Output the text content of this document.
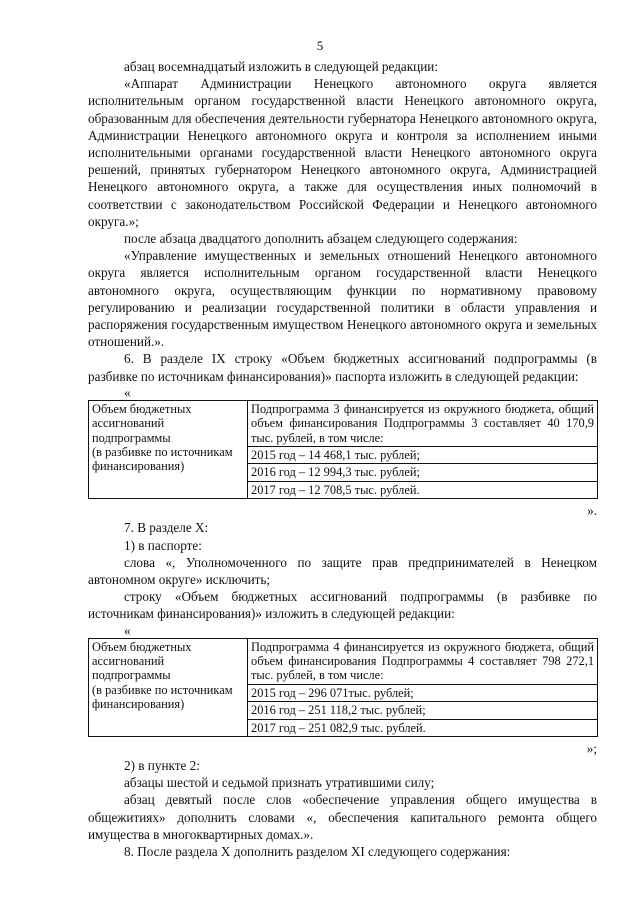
5
абзац восемнадцатый изложить в следующей редакции:
«Аппарат Администрации Ненецкого автономного округа является исполнительным органом государственной власти Ненецкого автономного округа, образованным для обеспечения деятельности губернатора Ненецкого автономного округа, Администрации Ненецкого автономного округа и контроля за исполнением иными исполнительными органами государственной власти Ненецкого автономного округа решений, принятых губернатором Ненецкого автономного округа, Администрацией Ненецкого автономного округа, а также для осуществления иных полномочий в соответствии с законодательством Российской Федерации и Ненецкого автономного округа.»;
после абзаца двадцатого дополнить абзацем следующего содержания:
«Управление имущественных и земельных отношений Ненецкого автономного округа является исполнительным органом государственной власти Ненецкого автономного округа, осуществляющим функции по нормативному правовому регулированию и реализации государственной политики в области управления и распоряжения государственным имуществом Ненецкого автономного округа и земельных отношений.».
6. В разделе IX строку «Объем бюджетных ассигнований подпрограммы (в разбивке по источникам финансирования)» паспорта изложить в следующей редакции:
«
Объем бюджетных
ассигнований
подпрограммы
(в разбивке по источникам
финансирования)

Подпрограмма 3 финансируется из окружного бюджета, общий объем финансирования Подпрограммы 3 составляет 40 170,9 тыс. рублей, в том числе:
2015 год – 14 468,1 тыс. рублей;
2016 год – 12 994,3 тыс. рублей;
2017 год – 12 708,5 тыс. рублей.
».
7. В разделе X:
1) в паспорте:
слова «, Уполномоченного по защите прав предпринимателей в Ненецком автономном округе» исключить;
строку «Объем бюджетных ассигнований подпрограммы (в разбивке по источникам финансирования)» изложить в следующей редакции:
«
Объем бюджетных
ассигнований
подпрограммы
(в разбивке по источникам
финансирования)

Подпрограмма 4 финансируется из окружного бюджета, общий объем финансирования Подпрограммы 4 составляет 798 272,1 тыс. рублей, в том числе:
2015 год – 296 071тыс. рублей;
2016 год – 251 118,2 тыс. рублей;
2017 год – 251 082,9 тыс. рублей.
»;
2) в пункте 2:
абзацы шестой и седьмой признать утратившими силу;
абзац девятый после слов «обеспечение управления общего имущества в общежитиях» дополнить словами «, обеспечения капитального ремонта общего имущества в многоквартирных домах.».
8. После раздела X дополнить разделом XI следующего содержания:
